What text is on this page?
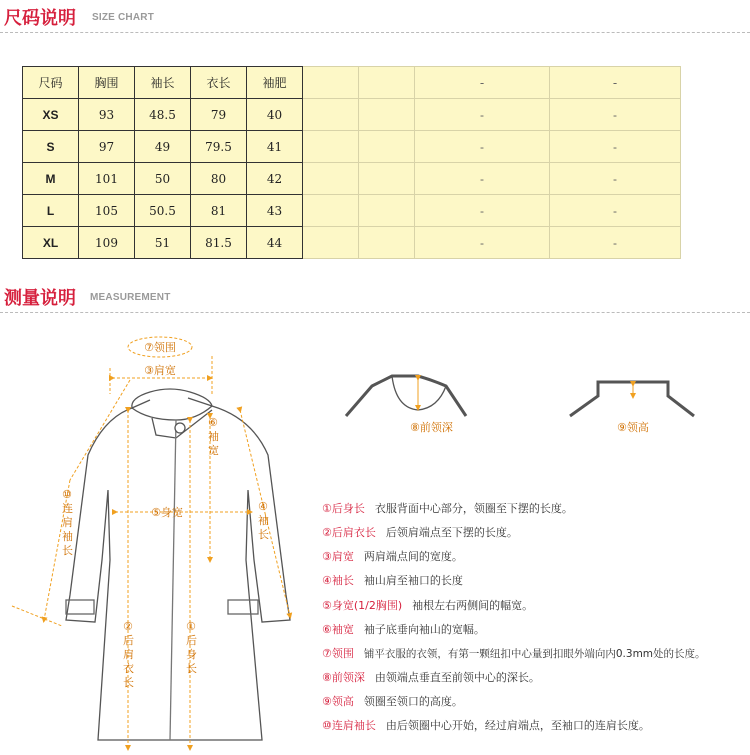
尺码说明 SIZE CHART
尺码	胸围	袖长	衣长	袖肥			-	-
XS	93	48.5	79	40			-	-
S	97	49	79.5	41			-	-
M	101	50	80	42			-	-
L	105	50.5	81	43			-	-
XL	109	51	81.5	44			-	-
测量说明 MEASUREMENT
⑦领围
③肩宽
⑤身宽
⑧前领深	⑨领高
⑥
袖
宽
④
袖
长
⑩
连
肩
袖
长
②
后
肩
衣
长
①
后
身
长
①后身长 衣服背面中心部分，领圈至下摆的长度。
②后肩衣长 后领肩端点至下摆的长度。
③肩宽 两肩端点间的宽度。
④袖长 袖山肩至袖口的长度
⑤身宽(1/2胸围) 袖根左右两侧间的幅宽。
⑥袖宽 袖子底垂向袖山的宽幅。
⑦领围 铺平衣服的衣领，有第一颗纽扣中心量到扣眼外端向内0.3mm处的长度。
⑧前领深 由领端点垂直至前领中心的深长。
⑨领高 领圈至领口的高度。
⑩连肩袖长 由后领圈中心开始，经过肩端点，至袖口的连肩长度。
